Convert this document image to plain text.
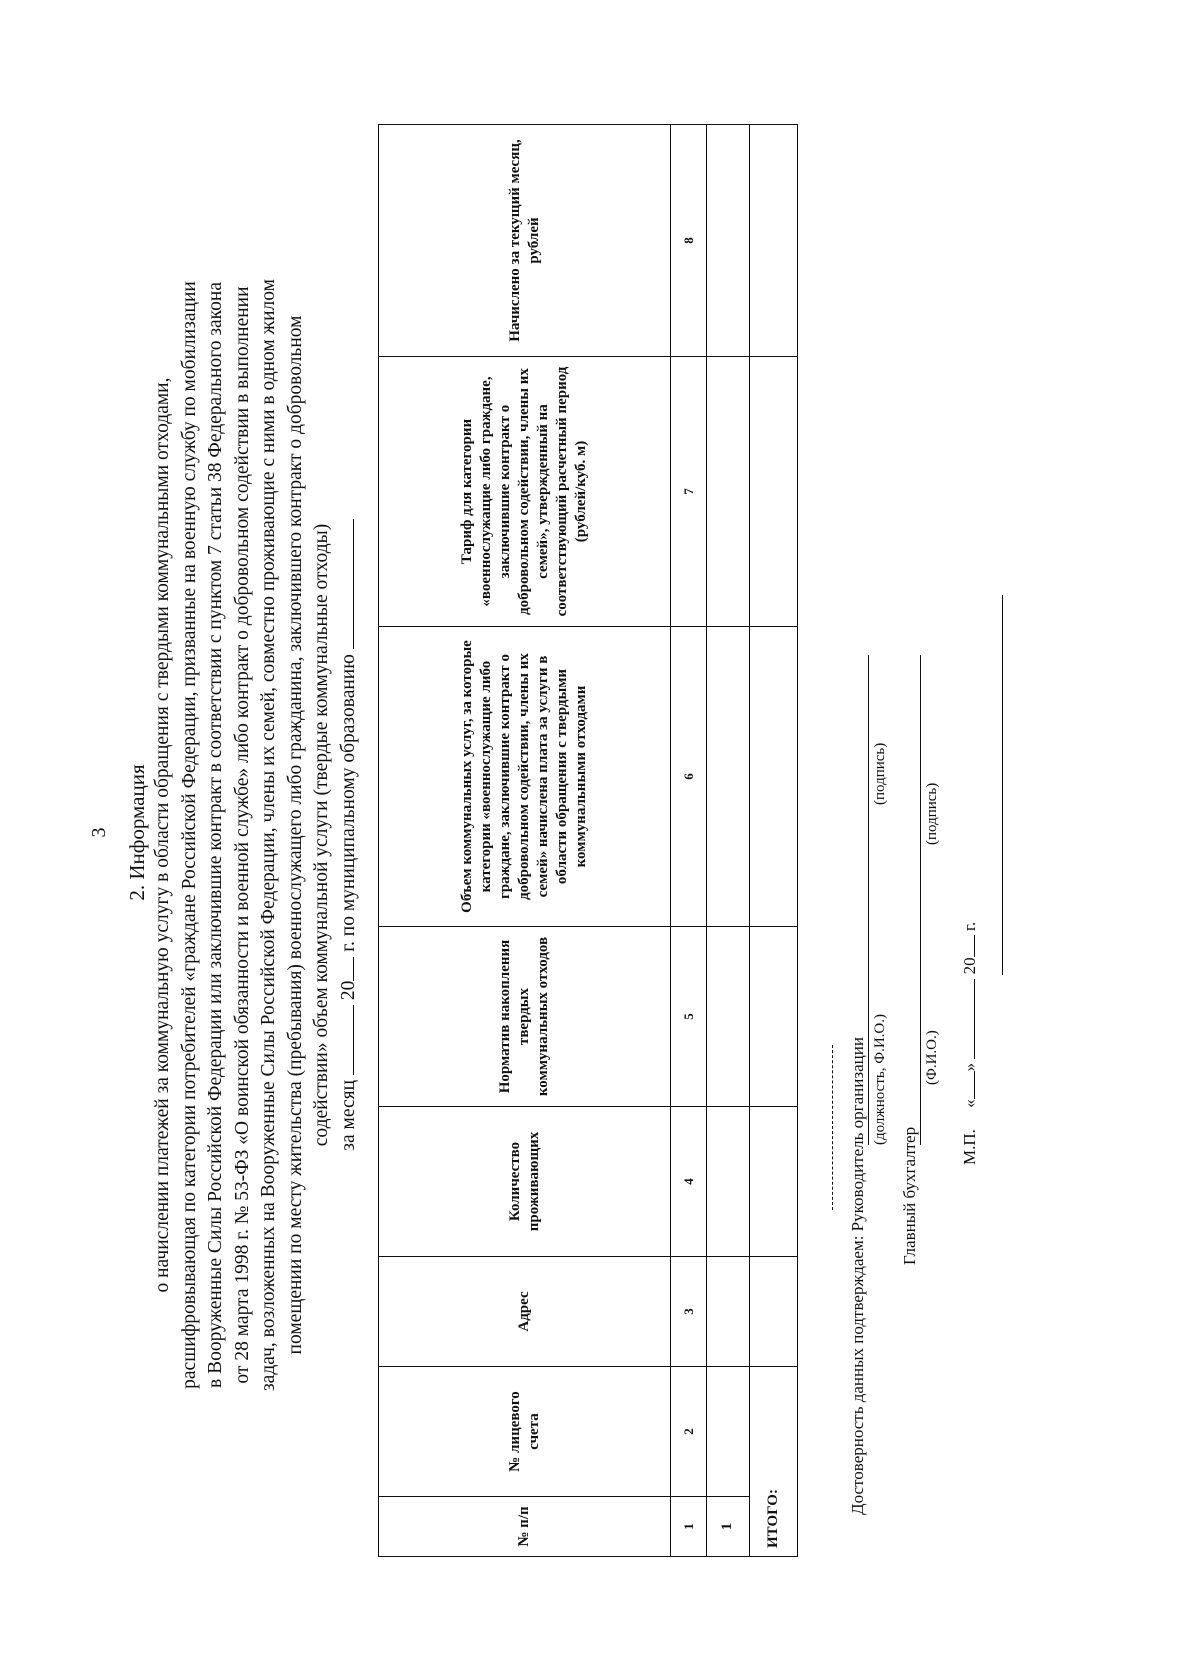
3 2. Информация о начислении платежей за коммунальную услугу в области обращения с твердыми коммунальными отходами, расшифровывающая по категории потребителей «граждане Российской Федерации, призванные на военную службу по мобилизации в Вооруженные Силы Российской Федерации или заключившие контракт в соответствии с пунктом 7 статьи 38 Федерального закона от 28 марта 1998 г. № 53-ФЗ «О воинской обязанности и военной службе» либо контракт о добровольном содействии в выполнении задач, возложенных на Вооруженные Силы Российской Федерации, члены их семей, совместно проживающие с ними в одном жилом помещении по месту жительства (пребывания) военнослужащего либо гражданина, заключившего контракт о добровольном содействии» объем коммунальной услуги (твердые коммунальные отходы) за месяц  20 г. по муниципальному образованию

№ п/п	№ лицевого счета	Адрес	Количество проживающих	Норматив накопления твердых коммунальных отходов	Объем коммунальных услуг, за которые категории «военнослужащие либо граждане, заключившие контракт о добровольном содействии, члены их семей» начислена плата за услуги в области обращения с твердыми коммунальными отходами	Тариф для категории «военнослужащие либо граждане, заключившие контракт о добровольном содействии, члены их семей», утвержденный на соответствующий расчетный период (рублей/куб. м)	Начислено за текущий месяц, рублей
1	2	3	4	5	6	7	8
1							
ИТОГО:							
Достоверность данных подтверждаем: Руководитель организации (должность, Ф.И.О.)
(подпись)
Главный бухгалтер
(Ф.И.О.)
(подпись)
М.П.     «»  20 г.
